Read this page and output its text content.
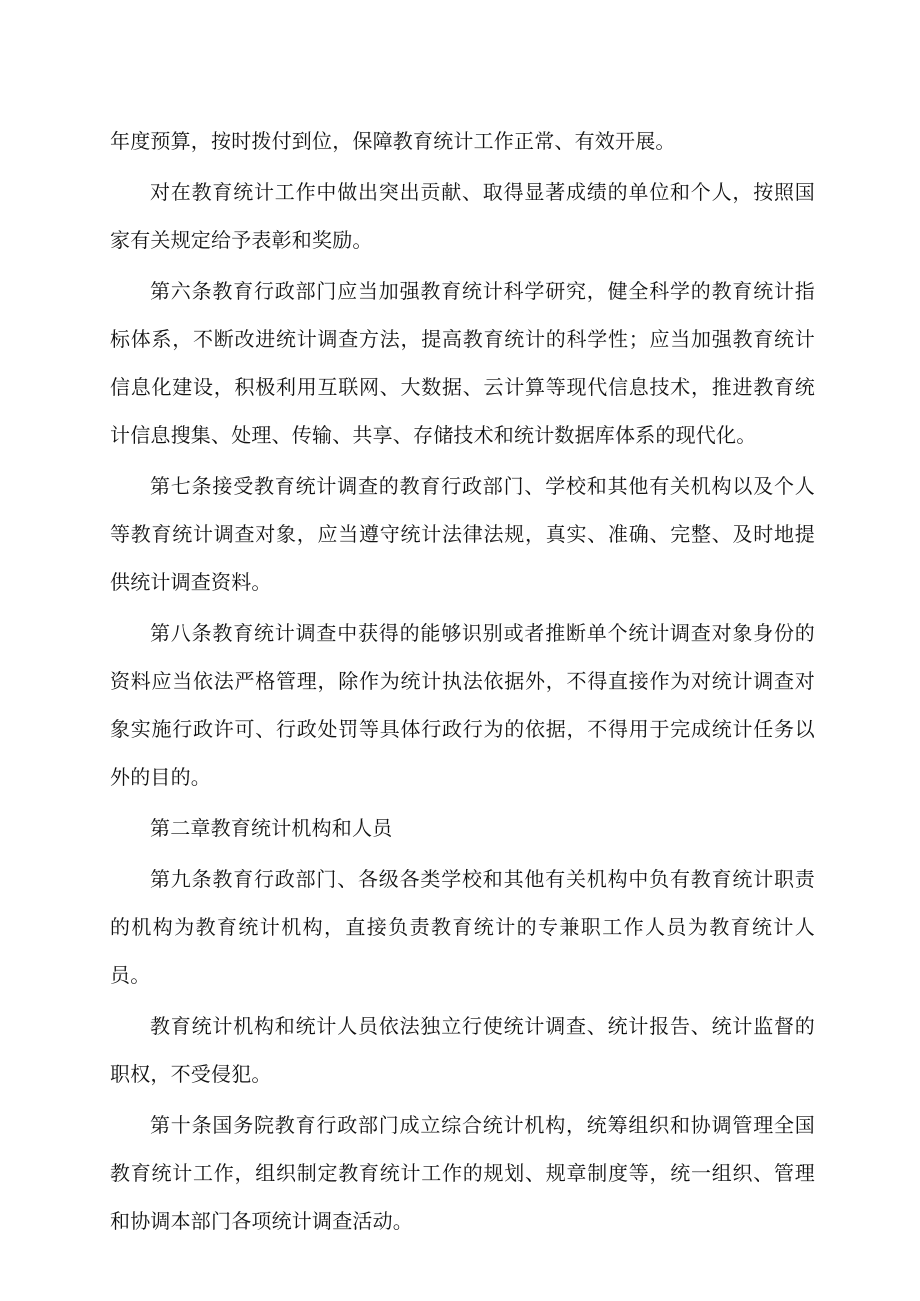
年度预算，按时拨付到位，保障教育统计工作正常、有效开展。

对在教育统计工作中做出突出贡献、取得显著成绩的单位和个人，按照国家有关规定给予表彰和奖励。

第六条教育行政部门应当加强教育统计科学研究，健全科学的教育统计指标体系，不断改进统计调查方法，提高教育统计的科学性；应当加强教育统计信息化建设，积极利用互联网、大数据、云计算等现代信息技术，推进教育统计信息搜集、处理、传输、共享、存储技术和统计数据库体系的现代化。

第七条接受教育统计调查的教育行政部门、学校和其他有关机构以及个人等教育统计调查对象，应当遵守统计法律法规，真实、准确、完整、及时地提供统计调查资料。

第八条教育统计调查中获得的能够识别或者推断单个统计调查对象身份的资料应当依法严格管理，除作为统计执法依据外，不得直接作为对统计调查对象实施行政许可、行政处罚等具体行政行为的依据，不得用于完成统计任务以外的目的。

第二章教育统计机构和人员

第九条教育行政部门、各级各类学校和其他有关机构中负有教育统计职责的机构为教育统计机构，直接负责教育统计的专兼职工作人员为教育统计人员。

教育统计机构和统计人员依法独立行使统计调查、统计报告、统计监督的职权，不受侵犯。

第十条国务院教育行政部门成立综合统计机构，统筹组织和协调管理全国教育统计工作，组织制定教育统计工作的规划、规章制度等，统一组织、管理和协调本部门各项统计调查活动。
